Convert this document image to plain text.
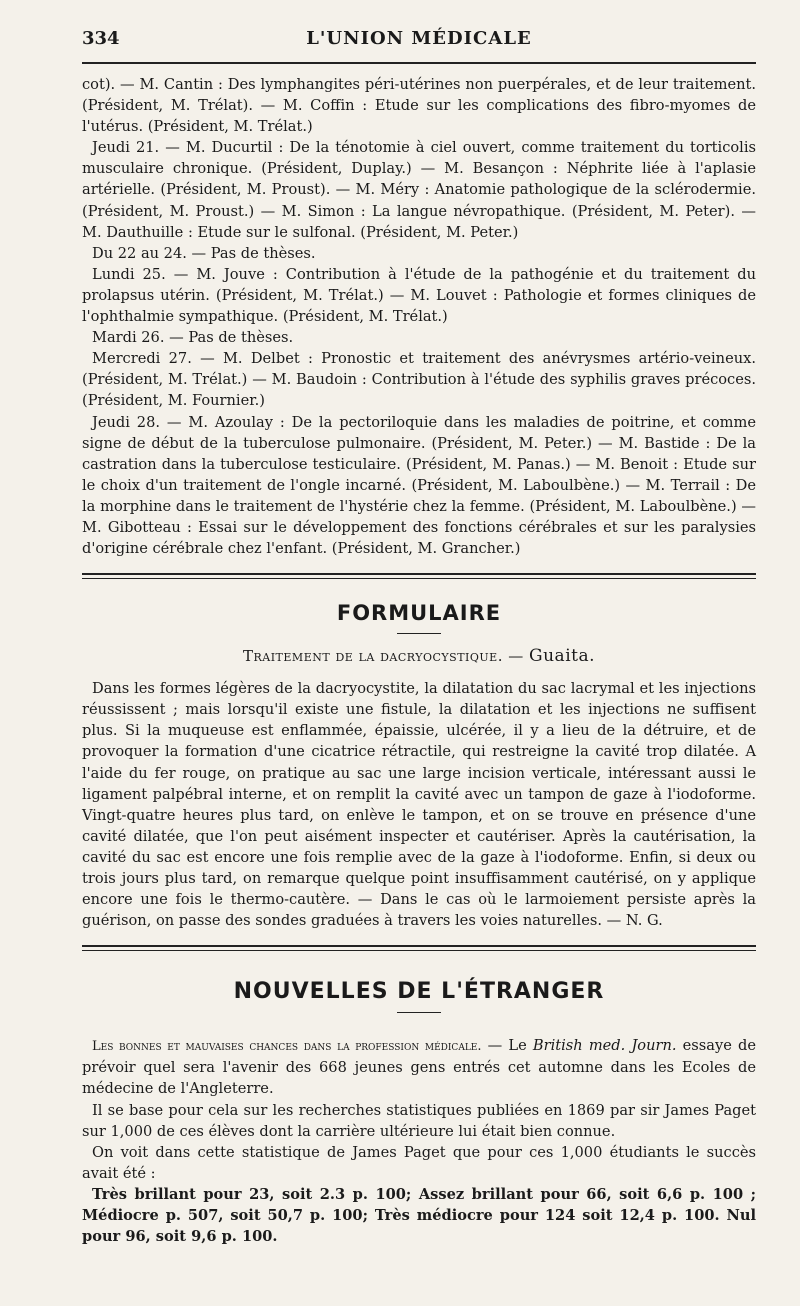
334	L'UNION MÉDICALE

cot). — M. Cantin : Des lymphangites péri-utérines non puerpérales, et de leur traitement. (Président, M. Trélat). — M. Coffin : Etude sur les complications des fibro-myomes de l'utérus. (Président, M. Trélat.)

Jeudi 21. — M. Ducurtil : De la ténotomie à ciel ouvert, comme traitement du torticolis musculaire chronique. (Président, Duplay.) — M. Besançon : Néphrite liée à l'aplasie artérielle. (Président, M. Proust). — M. Méry : Anatomie pathologique de la sclérodermie. (Président, M. Proust.) — M. Simon : La langue névropathique. (Président, M. Peter). — M. Dauthuille : Etude sur le sulfonal. (Président, M. Peter.)

Du 22 au 24. — Pas de thèses.

Lundi 25. — M. Jouve : Contribution à l'étude de la pathogénie et du traitement du prolapsus utérin. (Président, M. Trélat.) — M. Louvet : Pathologie et formes cliniques de l'ophthalmie sympathique. (Président, M. Trélat.)

Mardi 26. — Pas de thèses.

Mercredi 27. — M. Delbet : Pronostic et traitement des anévrysmes artério-veineux. (Président, M. Trélat.) — M. Baudoin : Contribution à l'étude des syphilis graves précoces. (Président, M. Fournier.)

Jeudi 28. — M. Azoulay : De la pectoriloquie dans les maladies de poitrine, et comme signe de début de la tuberculose pulmonaire. (Président, M. Peter.) — M. Bastide : De la castration dans la tuberculose testiculaire. (Président, M. Panas.) — M. Benoit : Etude sur le choix d'un traitement de l'ongle incarné. (Président, M. Laboulbène.) — M. Terrail : De la morphine dans le traitement de l'hystérie chez la femme. (Président, M. Laboulbène.) — M. Gibotteau : Essai sur le développement des fonctions cérébrales et sur les paralysies d'origine cérébrale chez l'enfant. (Président, M. Grancher.)

FORMULAIRE
Traitement de la dacryocystique. — Guaita.

Dans les formes légères de la dacryocystite, la dilatation du sac lacrymal et les injections réussissent ; mais lorsqu'il existe une fistule, la dilatation et les injections ne suffisent plus. Si la muqueuse est enflammée, épaissie, ulcérée, il y a lieu de la détruire, et de provoquer la formation d'une cicatrice rétractile, qui restreigne la cavité trop dilatée. A l'aide du fer rouge, on pratique au sac une large incision verticale, intéressant aussi le ligament palpébral interne, et on remplit la cavité avec un tampon de gaze à l'iodoforme. Vingt-quatre heures plus tard, on enlève le tampon, et on se trouve en présence d'une cavité dilatée, que l'on peut aisément inspecter et cautériser. Après la cautérisation, la cavité du sac est encore une fois remplie avec de la gaze à l'iodoforme. Enfin, si deux ou trois jours plus tard, on remarque quelque point insuffisamment cautérisé, on y applique encore une fois le thermo-cautère. — Dans le cas où le larmoiement persiste après la guérison, on passe des sondes graduées à travers les voies naturelles. — N. G.

NOUVELLES DE L'ÉTRANGER

Les bonnes et mauvaises chances dans la profession médicale. — Le British med. Journ. essaye de prévoir quel sera l'avenir des 668 jeunes gens entrés cet automne dans les Ecoles de médecine de l'Angleterre.

Il se base pour cela sur les recherches statistiques publiées en 1869 par sir James Paget sur 1,000 de ces élèves dont la carrière ultérieure lui était bien connue.

On voit dans cette statistique de James Paget que pour ces 1,000 étudiants le succès avait été :

Très brillant pour 23, soit 2.3 p. 100; Assez brillant pour 66, soit 6,6 p. 100 ; Médiocre p. 507, soit 50,7 p. 100; Très médiocre pour 124 soit 12,4 p. 100. Nul pour 96, soit 9,6 p. 100.
